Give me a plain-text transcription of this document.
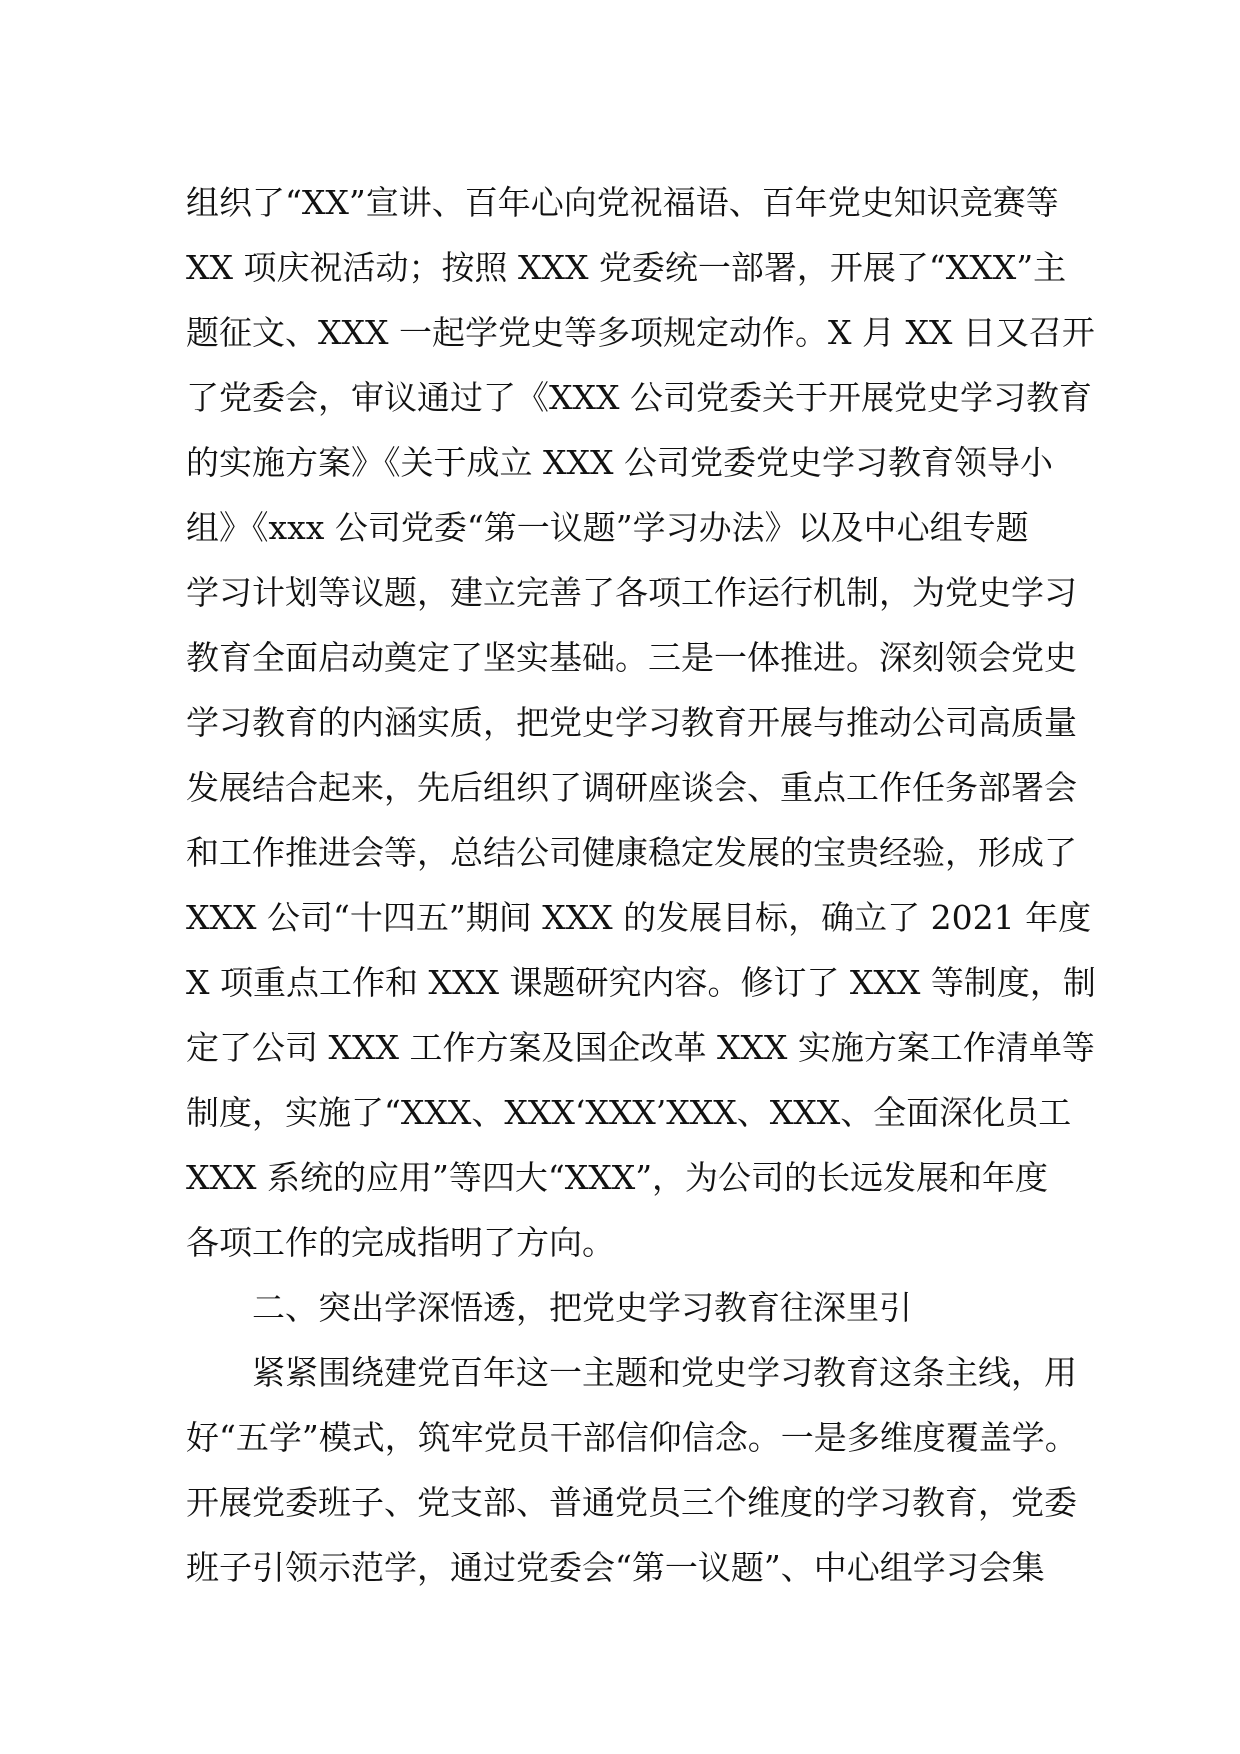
组织了“XX”宣讲、百年心向党祝福语、百年党史知识竞赛等
XX 项庆祝活动；按照 XXX 党委统一部署，开展了“XXX”主
题征文、XXX 一起学党史等多项规定动作。X 月 XX 日又召开
了党委会，审议通过了《XXX 公司党委关于开展党史学习教育
的实施方案》《关于成立 XXX 公司党委党史学习教育领导小
组》《xxx 公司党委“第一议题”学习办法》以及中心组专题
学习计划等议题，建立完善了各项工作运行机制，为党史学习
教育全面启动奠定了坚实基础。三是一体推进。深刻领会党史
学习教育的内涵实质，把党史学习教育开展与推动公司高质量
发展结合起来，先后组织了调研座谈会、重点工作任务部署会
和工作推进会等，总结公司健康稳定发展的宝贵经验，形成了
XXX 公司“十四五”期间 XXX 的发展目标，确立了 2021 年度
X 项重点工作和 XXX 课题研究内容。修订了 XXX 等制度，制
定了公司 XXX 工作方案及国企改革 XXX 实施方案工作清单等
制度，实施了“XXX、XXX‘XXX’XXX、XXX、全面深化员工
XXX 系统的应用”等四大“XXX”，为公司的长远发展和年度
各项工作的完成指明了方向。
二、突出学深悟透，把党史学习教育往深里引
紧紧围绕建党百年这一主题和党史学习教育这条主线，用
好“五学”模式，筑牢党员干部信仰信念。一是多维度覆盖学。
开展党委班子、党支部、普通党员三个维度的学习教育，党委
班子引领示范学，通过党委会“第一议题”、中心组学习会集
